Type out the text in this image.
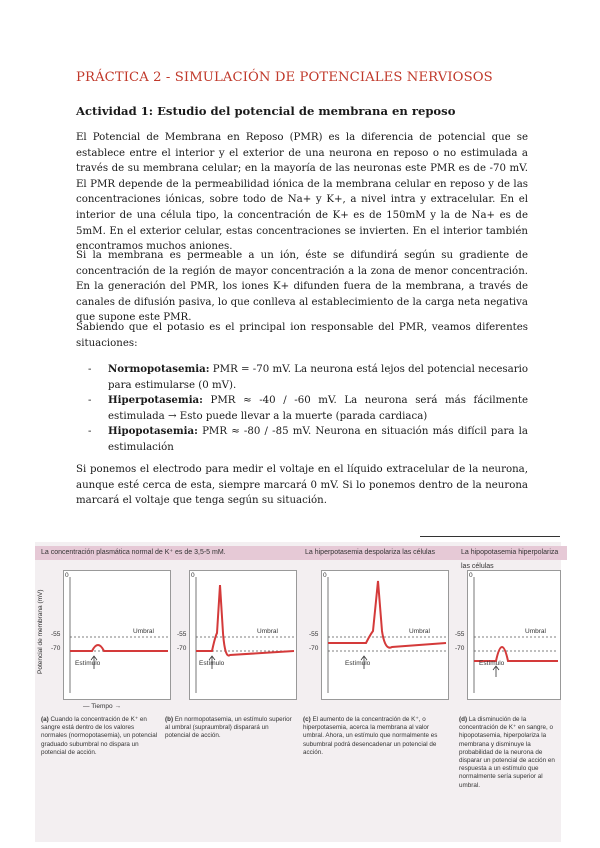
PRÁCTICA 2 - SIMULACIÓN DE POTENCIALES NERVIOSOS
Actividad 1: Estudio del potencial de membrana en reposo

El Potencial de Membrana en Reposo (PMR) es la diferencia de potencial que se establece entre el interior y el exterior de una neurona en reposo o no estimulada a través de su membrana celular; en la mayoría de las neuronas este PMR es de -70 mV. El PMR depende de la permeabilidad iónica de la membrana celular en reposo y de las concentraciones iónicas, sobre todo de Na+ y K+, a nivel intra y extracelular. En el interior de una célula tipo, la concentración de K+ es de 150mM y la de Na+ es de 5mM. En el exterior celular, estas concentraciones se invierten. En el interior también encontramos muchos aniones.

Si la membrana es permeable a un ión, éste se difundirá según su gradiente de concentración de la región de mayor concentración a la zona de menor concentración. En la generación del PMR, los iones K+ difunden fuera de la membrana, a través de canales de difusión pasiva, lo que conlleva al establecimiento de la carga neta negativa que supone este PMR.

Sabiendo que el potasio es el principal ion responsable del PMR, veamos diferentes situaciones:

- Normopotasemia: PMR = -70 mV. La neurona está lejos del potencial necesario para estimularse (0 mV).
- Hiperpotasemia: PMR ≈ -40 / -60 mV. La neurona será más fácilmente estimulada → Esto puede llevar a la muerte (parada cardiaca)
- Hipopotasemia: PMR ≈ -80 / -85 mV. Neurona en situación más difícil para la estimulación

Si ponemos el electrodo para medir el voltaje en el líquido extracelular de la neurona, aunque esté cerca de esta, siempre marcará 0 mV. Si lo ponemos dentro de la neurona marcará el voltaje que tenga según su situación.

La concentración plasmática normal de K⁺ es de 3,5-5 mM.	La hiperpotasemia despolariza las células	La hipopotasemia hiperpolariza las células
Potencial de membrana (mV)
0
-55
-70
Umbral
Estímulo
0
-55
-70
Umbral
Estímulo
0
-55
-70
Umbral
Estímulo
0
-55
-70
Umbral
Estímulo
— Tiempo →
(a) Cuando la concentración de K⁺ en sangre está dentro de los valores normales (normopotasemia), un potencial graduado subumbral no dispara un potencial de acción.
(b) En normopotasemia, un estímulo superior al umbral (supraumbral) disparará un potencial de acción.
(c) El aumento de la concentración de K⁺, o hiperpotasemia, acerca la membrana al valor umbral. Ahora, un estímulo que normalmente es subumbral podrá desencadenar un potencial de acción.
(d) La disminución de la concentración de K⁺ en sangre, o hipopotasemia, hiperpolariza la membrana y disminuye la probabilidad de la neurona de disparar un potencial de acción en respuesta a un estímulo que normalmente sería superior al umbral.
